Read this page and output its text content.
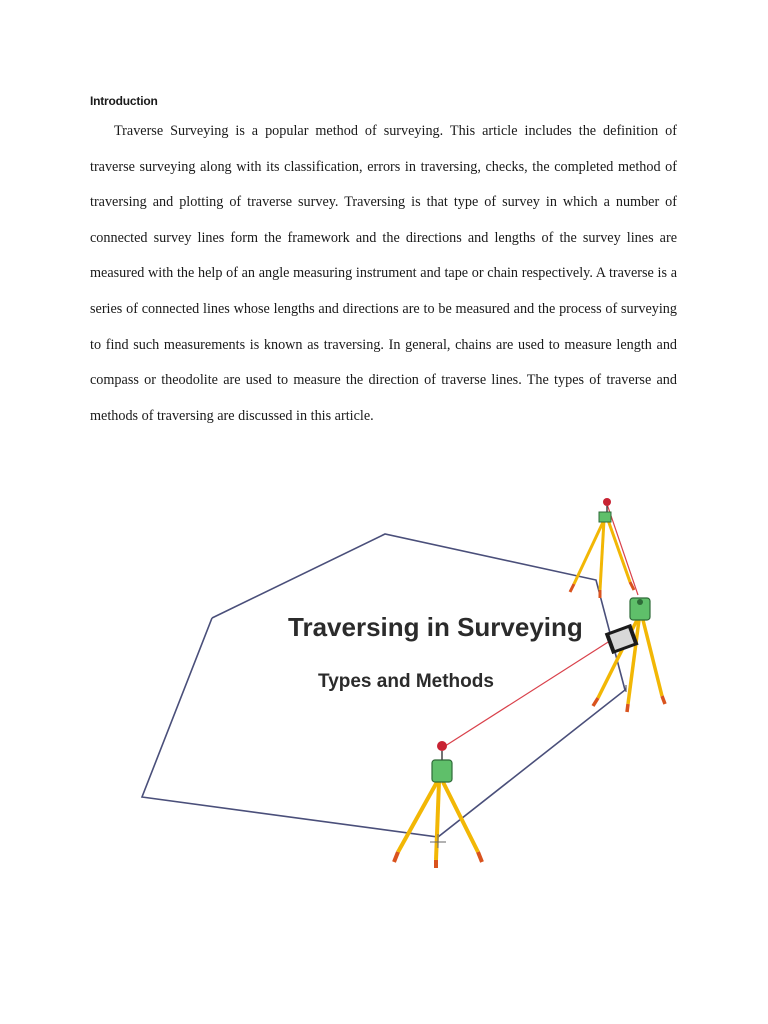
Introduction

Traverse Surveying is a popular method of surveying. This article includes the definition of traverse surveying along with its classification, errors in traversing, checks, the completed method of traversing and plotting of traverse survey. Traversing is that type of survey in which a number of connected survey lines form the framework and the directions and lengths of the survey lines are measured with the help of an angle measuring instrument and tape or chain respectively. A traverse is a series of connected lines whose lengths and directions are to be measured and the process of surveying to find such measurements is known as traversing. In general, chains are used to measure length and compass or theodolite are used to measure the direction of traverse lines. The types of traverse and methods of traversing are discussed in this article.

Traversing in Surveying
Types and Methods
